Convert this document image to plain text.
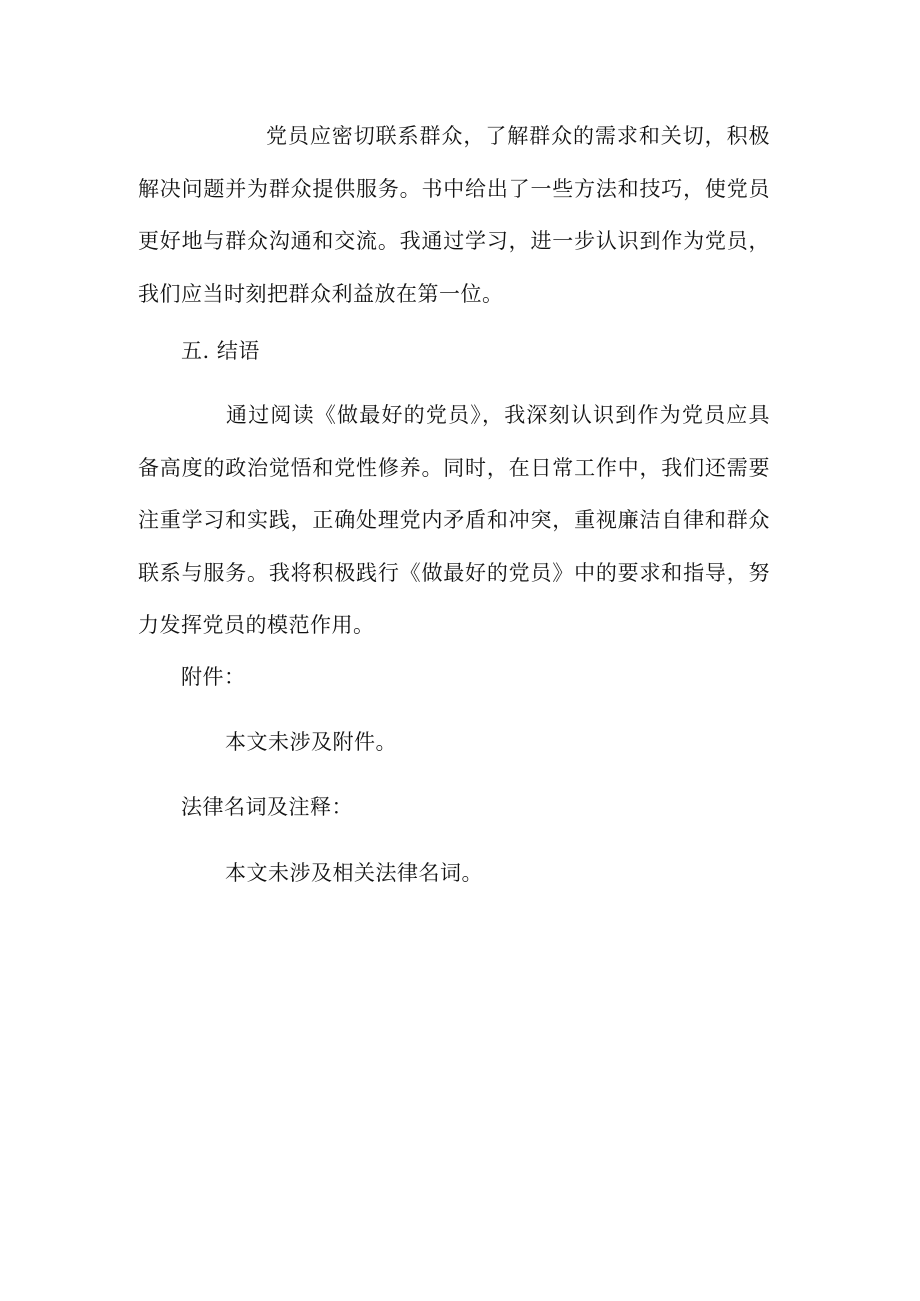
党员应密切联系群众，了解群众的需求和关切，积极解决问题并为群众提供服务。书中给出了一些方法和技巧，使党员更好地与群众沟通和交流。我通过学习，进一步认识到作为党员，我们应当时刻把群众利益放在第一位。
五. 结语
通过阅读《做最好的党员》，我深刻认识到作为党员应具备高度的政治觉悟和党性修养。同时，在日常工作中，我们还需要注重学习和实践，正确处理党内矛盾和冲突，重视廉洁自律和群众联系与服务。我将积极践行《做最好的党员》中的要求和指导，努力发挥党员的模范作用。
附件：
本文未涉及附件。
法律名词及注释：
本文未涉及相关法律名词。
